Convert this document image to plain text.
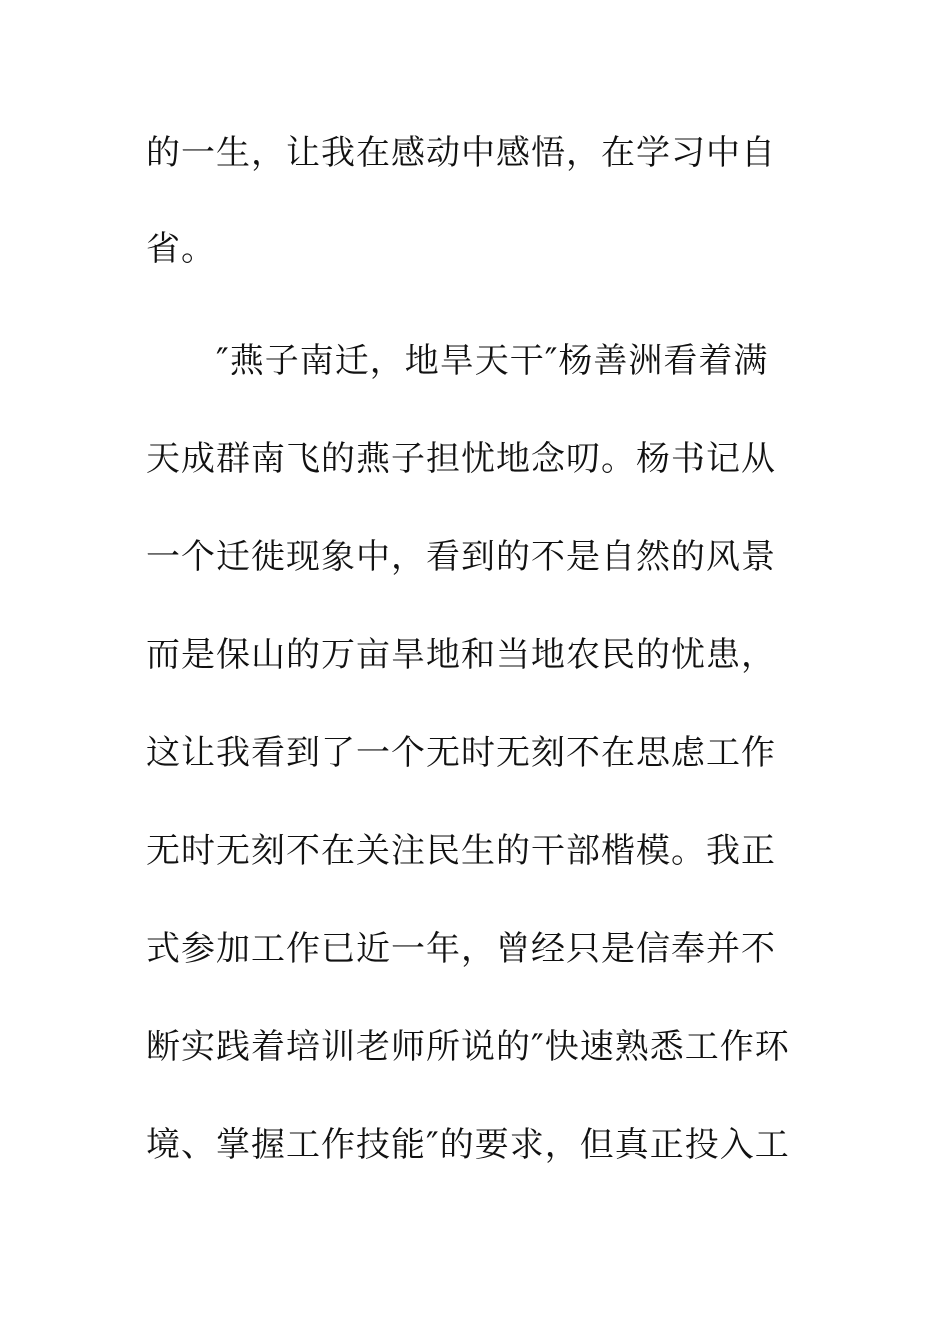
的一生，让我在感动中感悟，在学习中自
省。
　　″燕子南迁，地旱天干″杨善洲看着满
天成群南飞的燕子担忧地念叨。杨书记从
一个迁徙现象中，看到的不是自然的风景
而是保山的万亩旱地和当地农民的忧患，
这让我看到了一个无时无刻不在思虑工作
无时无刻不在关注民生的干部楷模。我正
式参加工作已近一年，曾经只是信奉并不
断实践着培训老师所说的″快速熟悉工作环
境、掌握工作技能″的要求，但真正投入工
